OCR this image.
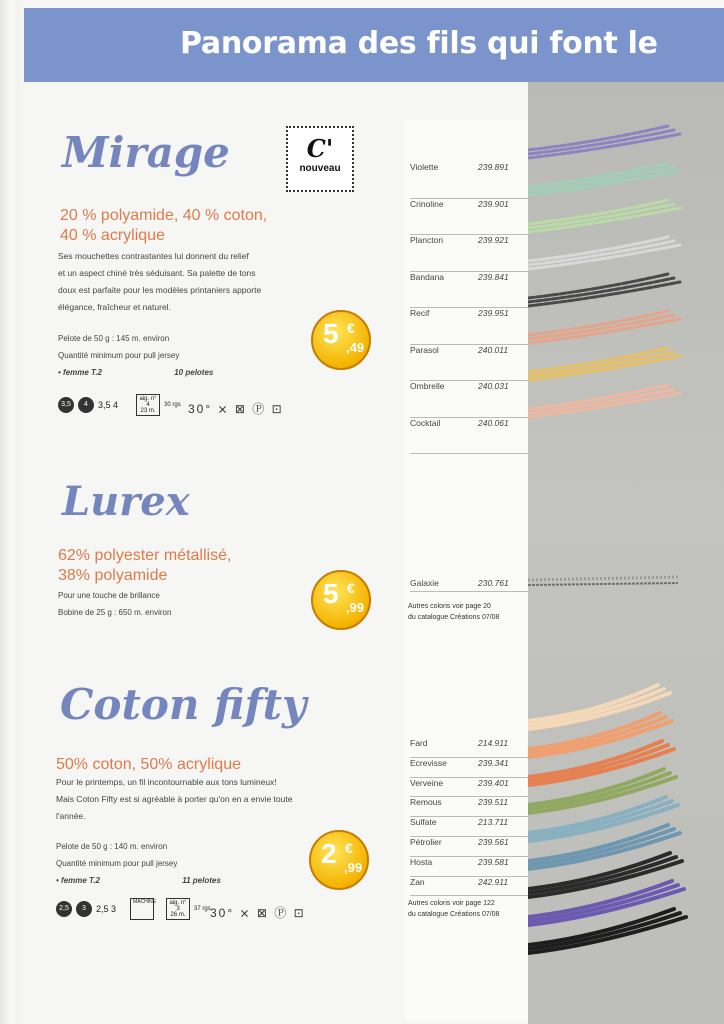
Panorama des fils qui font le
Mirage	C'
nouveau
20 % polyamide, 40 % coton,
40 % acrylique
Ses mouchettes contrastantes lui donnent du relief
et un aspect chiné très séduisant. Sa palette de tons
doux est parfaite pour les modèles printaniers apporte
élégance, fraîcheur et naturel.
Pelote de 50 g : 145 m. environ
Quantité minimum pour pull jersey
• femme T.2	10 pelotes
5 €
,49
3,5	4	3,5 4
aig. n° 4
23 m.
30 rgs 30° ⨯ ⊠ Ⓟ ⊡
Violette	239.891
Crinoline	239.901
Plancton	239.921
Bandana	239.841
Recif	239.951
Parasol	240.011
Ombrelle	240.031
Cocktail	240.061
Lurex
62% polyester métallisé,
38% polyamide
Pour une touche de brillance
Bobine de 25 g : 650 m. environ
5 €
,99
Galaxie	230.761
Autres coloris voir page 20
du catalogue Créations 07/08
Coton fifty
50% coton, 50% acrylique
Pour le printemps, un fil incontournable aux tons lumineux!
Mais Coton Fifty est si agréable à porter qu'on en a envie toute
l'année.
Pelote de 50 g : 140 m. environ
Quantité minimum pour pull jersey
• femme T.2	11 pelotes
2 €
,99
2,5	3	2,5 3
MACHINE	aig. n° 3
26 m.
37 rgs 30° ⨯ ⊠ Ⓟ ⊡
Fard	214.911
Ecrevisse	239.341
Verveine	239.401
Remous	239.511
Sulfate	213.711
Pétrolier	239.561
Hosta	239.581
Zan	242.911
Autres coloris voir page 122
du catalogue Créations 07/08
